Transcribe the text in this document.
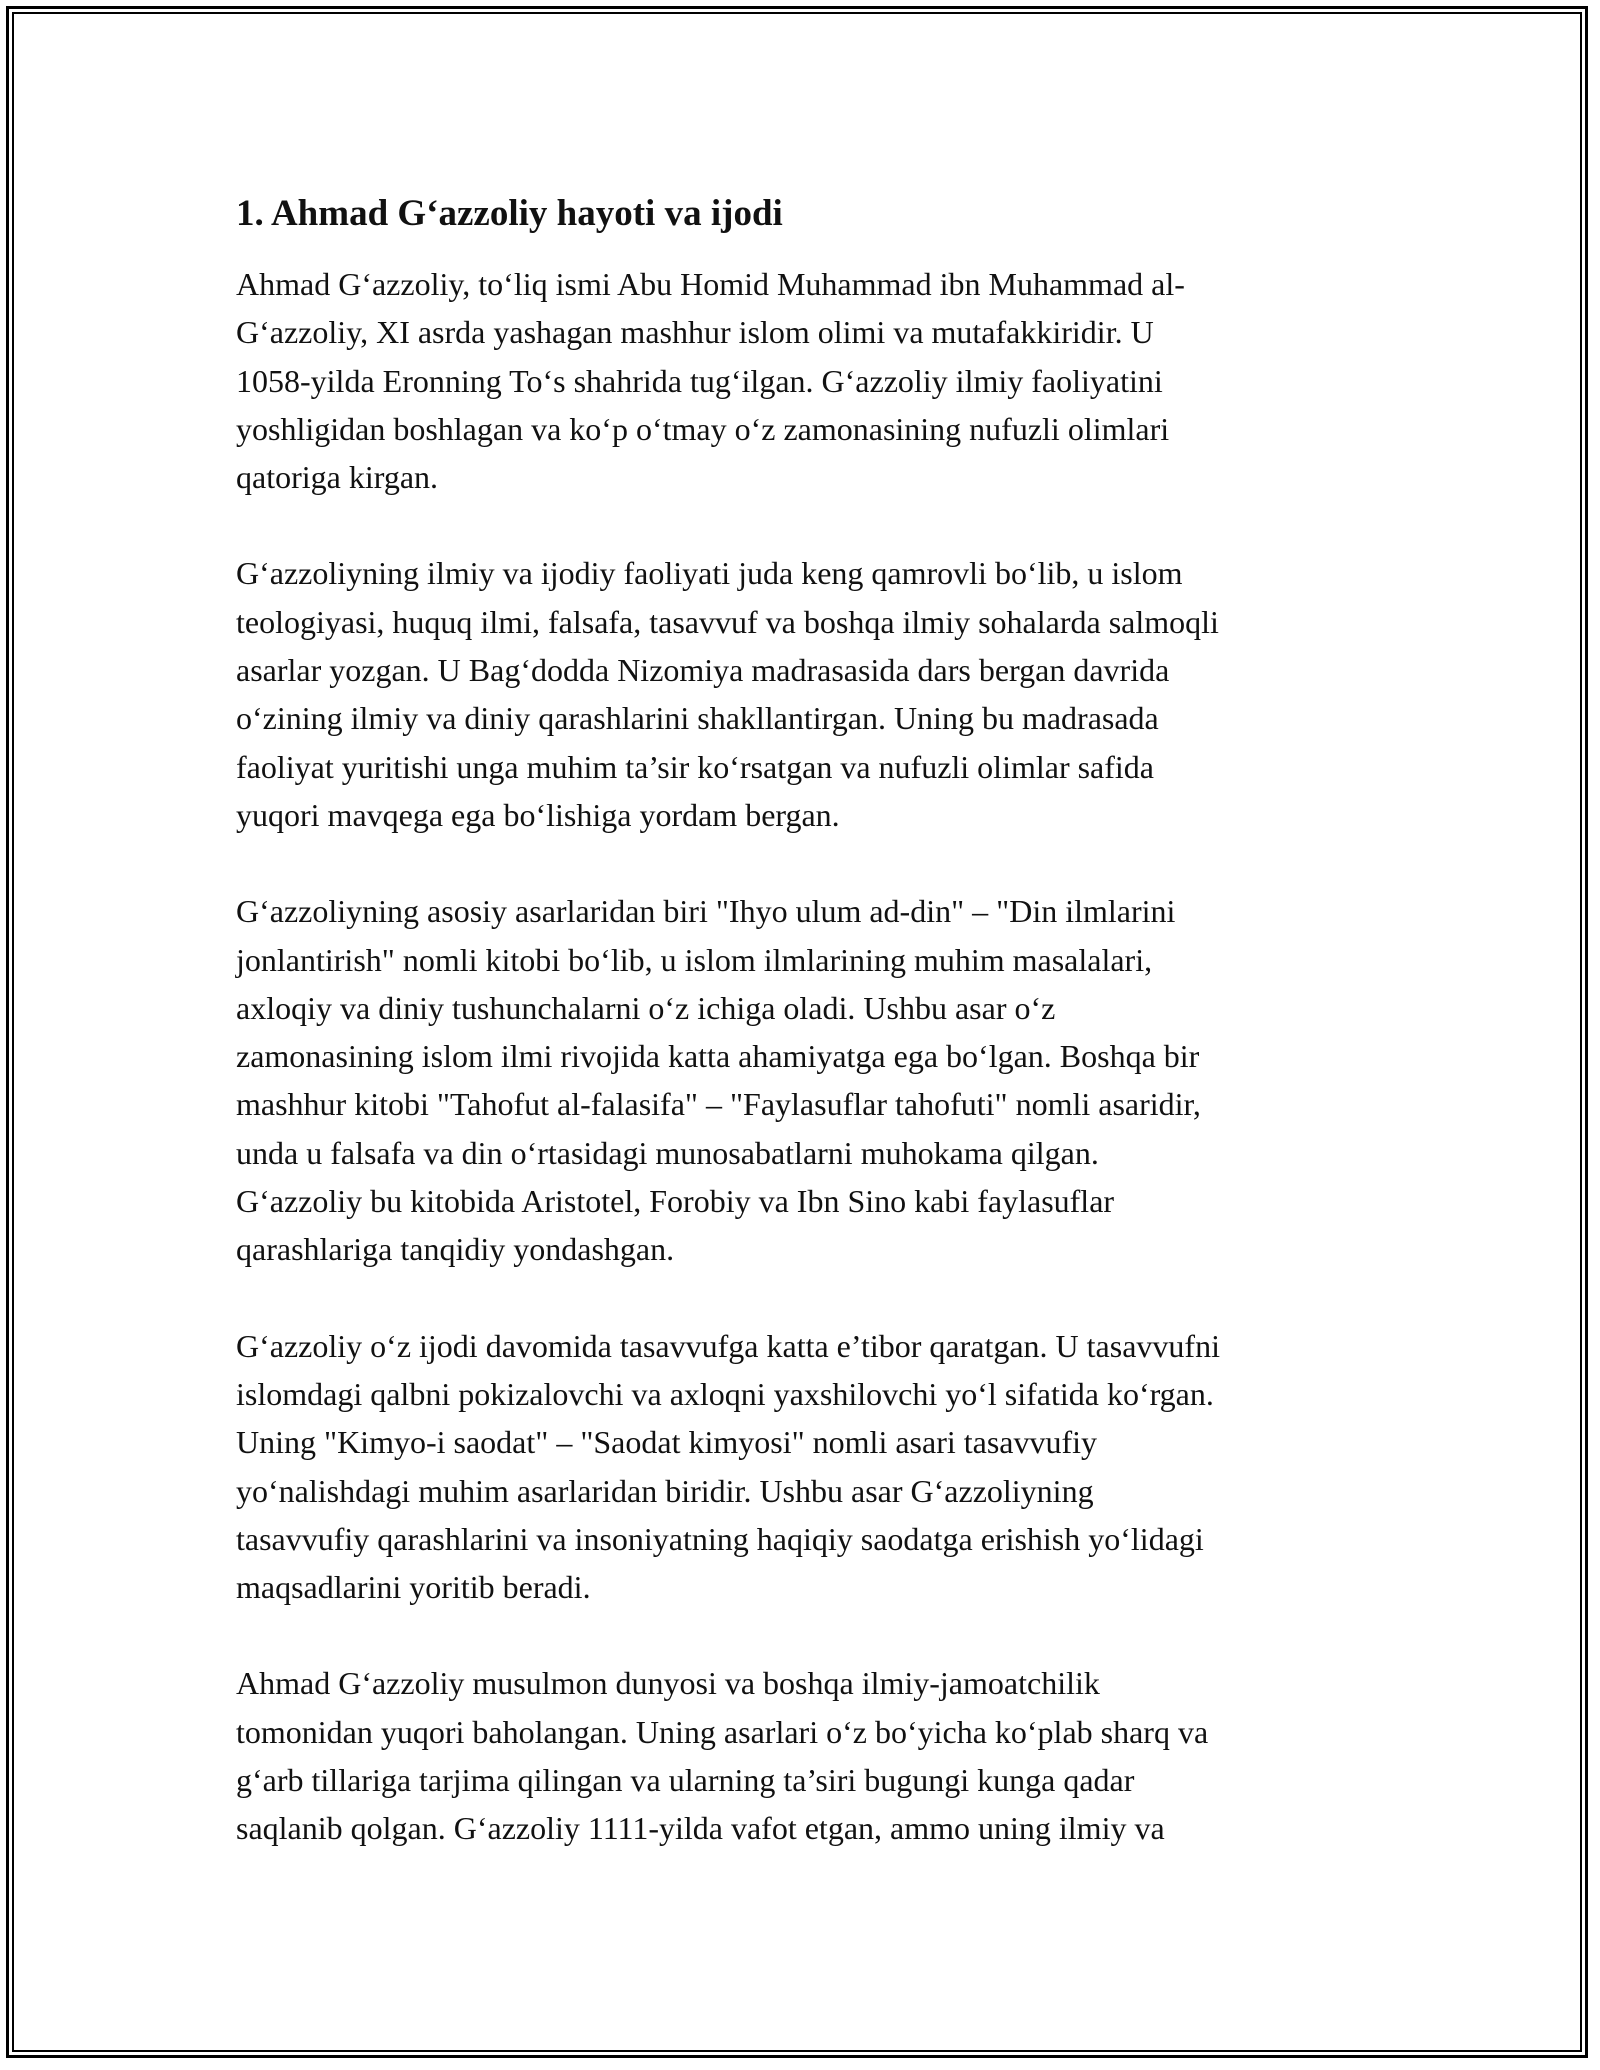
1. Ahmad G‘azzoliy hayoti va ijodi

Ahmad G‘azzoliy, to‘liq ismi Abu Homid Muhammad ibn Muhammad al-
G‘azzoliy, XI asrda yashagan mashhur islom olimi va mutafakkiridir. U
1058-yilda Eronning To‘s shahrida tug‘ilgan. G‘azzoliy ilmiy faoliyatini
yoshligidan boshlagan va ko‘p o‘tmay o‘z zamonasining nufuzli olimlari
qatoriga kirgan.

G‘azzoliyning ilmiy va ijodiy faoliyati juda keng qamrovli bo‘lib, u islom
teologiyasi, huquq ilmi, falsafa, tasavvuf va boshqa ilmiy sohalarda salmoqli
asarlar yozgan. U Bag‘dodda Nizomiya madrasasida dars bergan davrida
o‘zining ilmiy va diniy qarashlarini shakllantirgan. Uning bu madrasada
faoliyat yuritishi unga muhim ta’sir ko‘rsatgan va nufuzli olimlar safida
yuqori mavqega ega bo‘lishiga yordam bergan.

G‘azzoliyning asosiy asarlaridan biri "Ihyo ulum ad-din" – "Din ilmlarini
jonlantirish" nomli kitobi bo‘lib, u islom ilmlarining muhim masalalari,
axloqiy va diniy tushunchalarni o‘z ichiga oladi. Ushbu asar o‘z
zamonasining islom ilmi rivojida katta ahamiyatga ega bo‘lgan. Boshqa bir
mashhur kitobi "Tahofut al-falasifa" – "Faylasuflar tahofuti" nomli asaridir,
unda u falsafa va din o‘rtasidagi munosabatlarni muhokama qilgan.
G‘azzoliy bu kitobida Aristotel, Forobiy va Ibn Sino kabi faylasuflar
qarashlariga tanqidiy yondashgan.

G‘azzoliy o‘z ijodi davomida tasavvufga katta e’tibor qaratgan. U tasavvufni
islomdagi qalbni pokizalovchi va axloqni yaxshilovchi yo‘l sifatida ko‘rgan.
Uning "Kimyo-i saodat" – "Saodat kimyosi" nomli asari tasavvufiy
yo‘nalishdagi muhim asarlaridan biridir. Ushbu asar G‘azzoliyning
tasavvufiy qarashlarini va insoniyatning haqiqiy saodatga erishish yo‘lidagi
maqsadlarini yoritib beradi.

Ahmad G‘azzoliy musulmon dunyosi va boshqa ilmiy-jamoatchilik
tomonidan yuqori baholangan. Uning asarlari o‘z bo‘yicha ko‘plab sharq va
g‘arb tillariga tarjima qilingan va ularning ta’siri bugungi kunga qadar
saqlanib qolgan. G‘azzoliy 1111-yilda vafot etgan, ammo uning ilmiy va
